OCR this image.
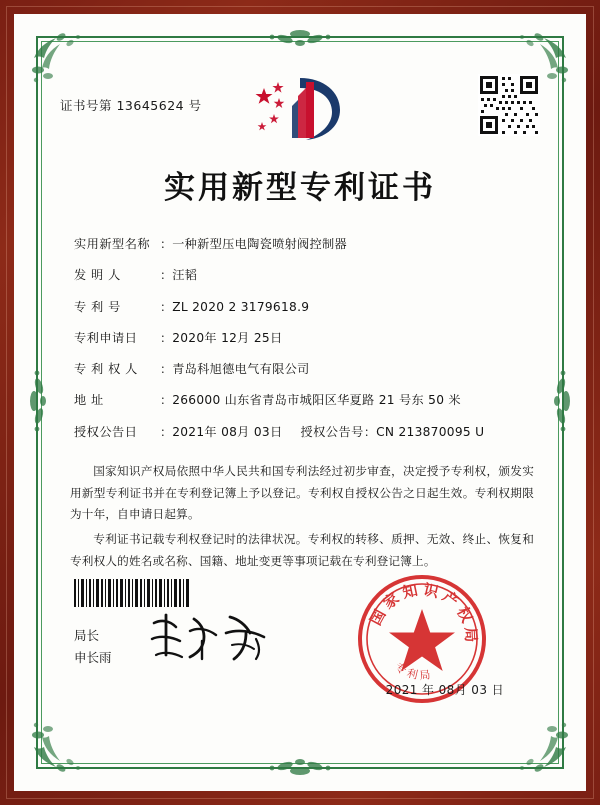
证书号第 13645624 号
实用新型专利证书
实用新型名称 ： 一种新型压电陶瓷喷射阀控制器
发 明 人	： 汪韬
专 利 号	： ZL 2020 2 3179618.9
专利申请日	： 2020年 12月 25日
专 利 权 人	： 青岛科旭德电气有限公司
地 址	： 266000 山东省青岛市城阳区华夏路 21 号东 50 米
授权公告日	： 2021年 08月 03日 授权公告号 ： CN 213870095 U

国家知识产权局依照中华人民共和国专利法经过初步审查，决定授予专利权，颁发实用新型专利证书并在专利登记簿上予以登记。专利权自授权公告之日起生效。专利权期限为十年，自申请日起算。

专利证书记载专利权登记时的法律状况。专利权的转移、质押、无效、终止、恢复和专利权人的姓名或名称、国籍、地址变更等事项记载在专利登记簿上。

局长
申长雨
国家知识产权局
专利局
2021 年 08月 03 日
